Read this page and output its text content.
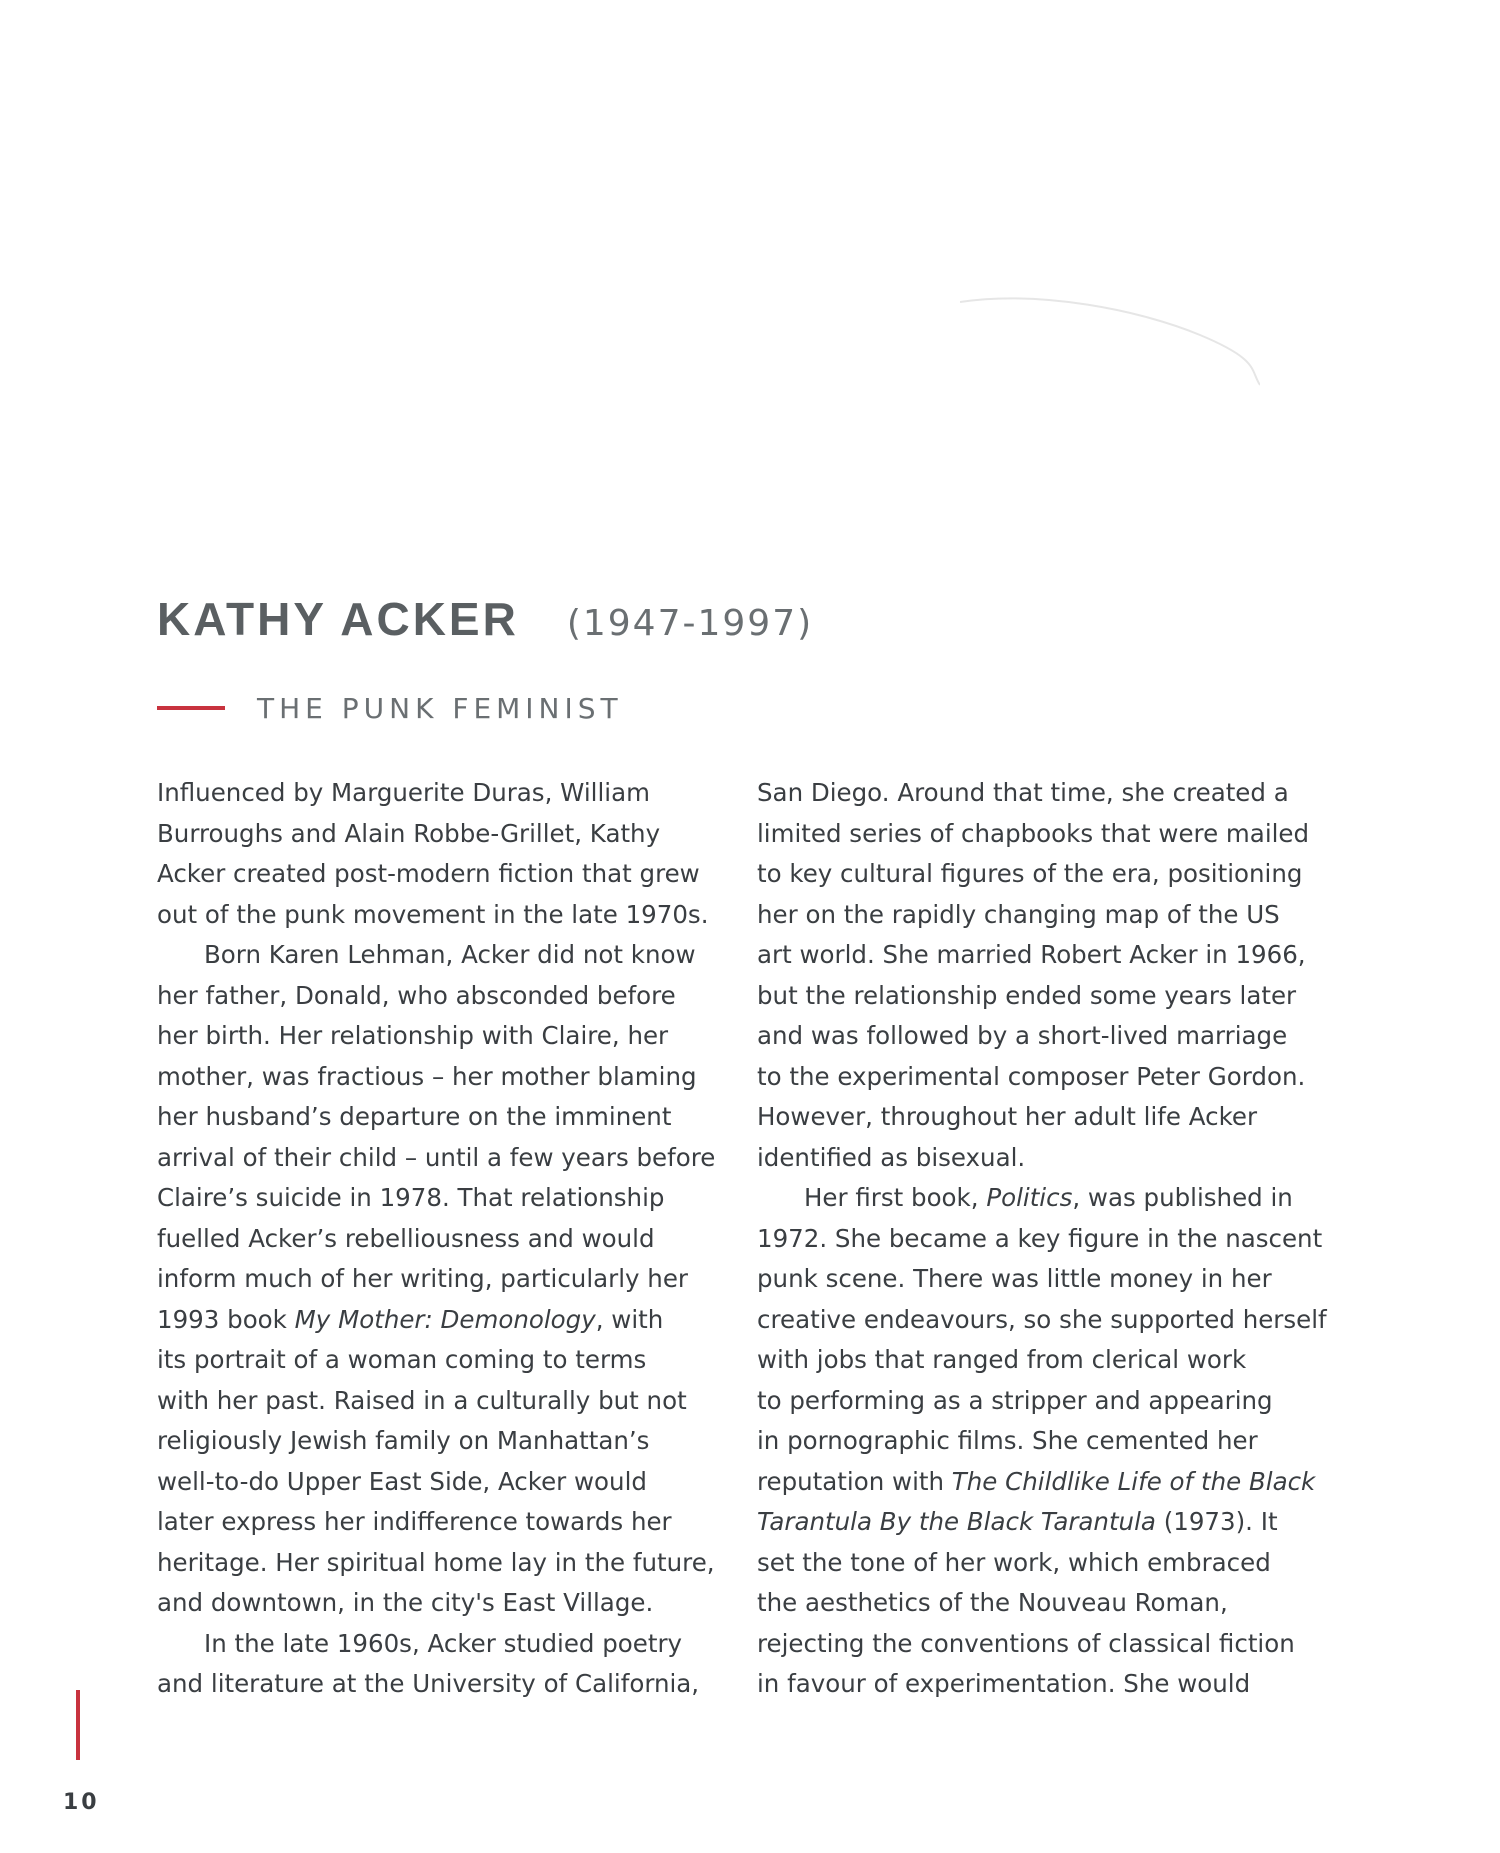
KATHY ACKER (1947-1997)
THE PUNK FEMINIST
Influenced by Marguerite Duras, William
Burroughs and Alain Robbe-Grillet, Kathy
Acker created post-modern fiction that grew
out of the punk movement in the late 1970s.
Born Karen Lehman, Acker did not know
her father, Donald, who absconded before
her birth. Her relationship with Claire, her
mother, was fractious – her mother blaming
her husband’s departure on the imminent
arrival of their child – until a few years before
Claire’s suicide in 1978. That relationship
fuelled Acker’s rebelliousness and would
inform much of her writing, particularly her
1993 book My Mother: Demonology, with
its portrait of a woman coming to terms
with her past. Raised in a culturally but not
religiously Jewish family on Manhattan’s
well-to-do Upper East Side, Acker would
later express her indifference towards her
heritage. Her spiritual home lay in the future,
and downtown, in the city's East Village.
In the late 1960s, Acker studied poetry
and literature at the University of California,
San Diego. Around that time, she created a
limited series of chapbooks that were mailed
to key cultural figures of the era, positioning
her on the rapidly changing map of the US
art world. She married Robert Acker in 1966,
but the relationship ended some years later
and was followed by a short-lived marriage
to the experimental composer Peter Gordon.
However, throughout her adult life Acker
identified as bisexual.
Her first book, Politics, was published in
1972. She became a key figure in the nascent
punk scene. There was little money in her
creative endeavours, so she supported herself
with jobs that ranged from clerical work
to performing as a stripper and appearing
in pornographic films. She cemented her
reputation with The Childlike Life of the Black
Tarantula By the Black Tarantula (1973). It
set the tone of her work, which embraced
the aesthetics of the Nouveau Roman,
rejecting the conventions of classical fiction
in favour of experimentation. She would
10
